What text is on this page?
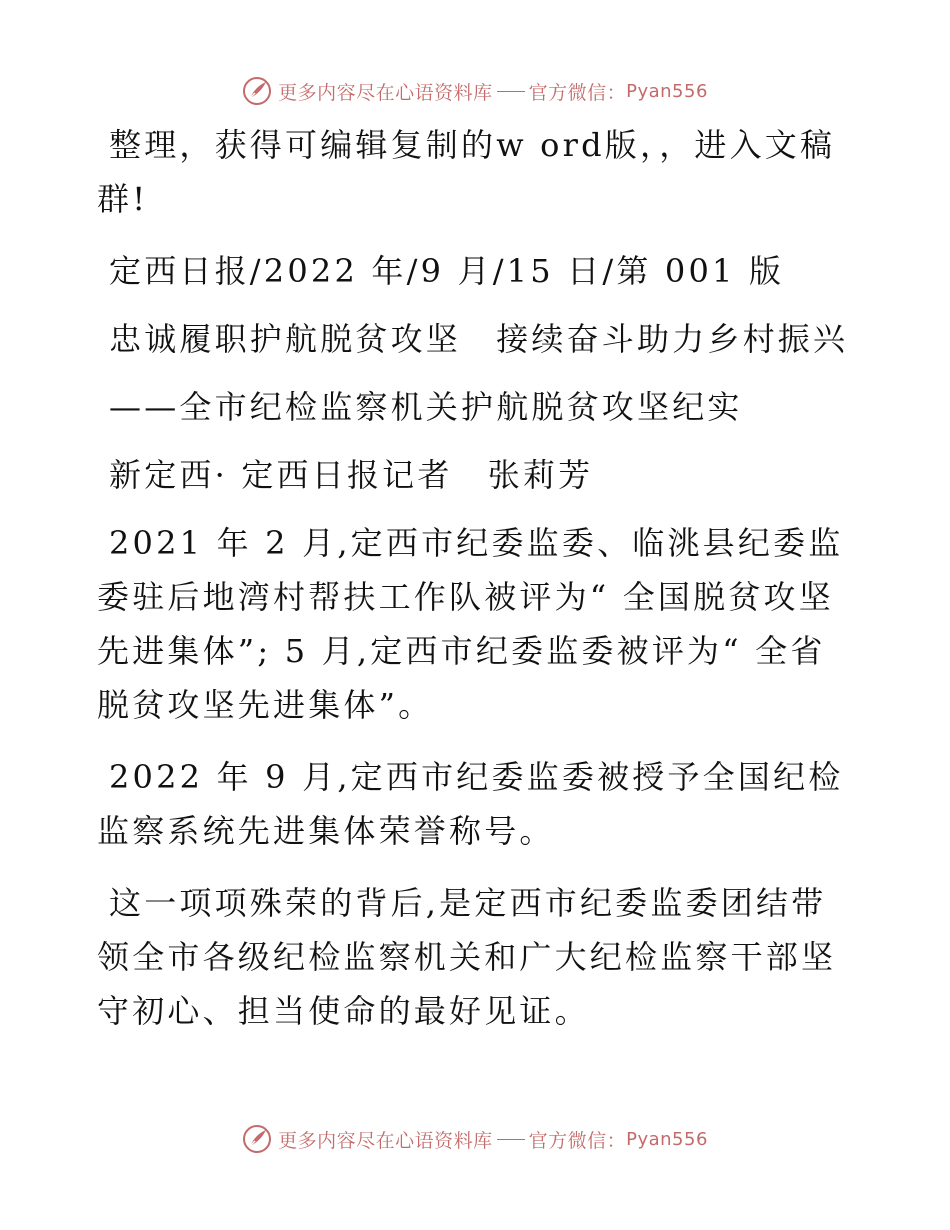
更多内容尽在心语资料库 官方微信： Pyan556

整理，获得可编辑复制的w ord版，，进入文稿群!

定西日报/2022 年/9 月/15 日/第 001 版

忠诚履职护航脱贫攻坚　接续奋斗助力乡村振兴

——全市纪检监察机关护航脱贫攻坚纪实

新定西· 定西日报记者　张莉芳

2021 年 2 月,定西市纪委监委、临洮县纪委监委驻后地湾村帮扶工作队被评为“ 全国脱贫攻坚先进集体”; 5 月,定西市纪委监委被评为“ 全省脱贫攻坚先进集体”。

2022 年 9 月,定西市纪委监委被授予全国纪检监察系统先进集体荣誉称号。

这一项项殊荣的背后,是定西市纪委监委团结带领全市各级纪检监察机关和广大纪检监察干部坚守初心、担当使命的最好见证。

更多内容尽在心语资料库 官方微信： Pyan556
